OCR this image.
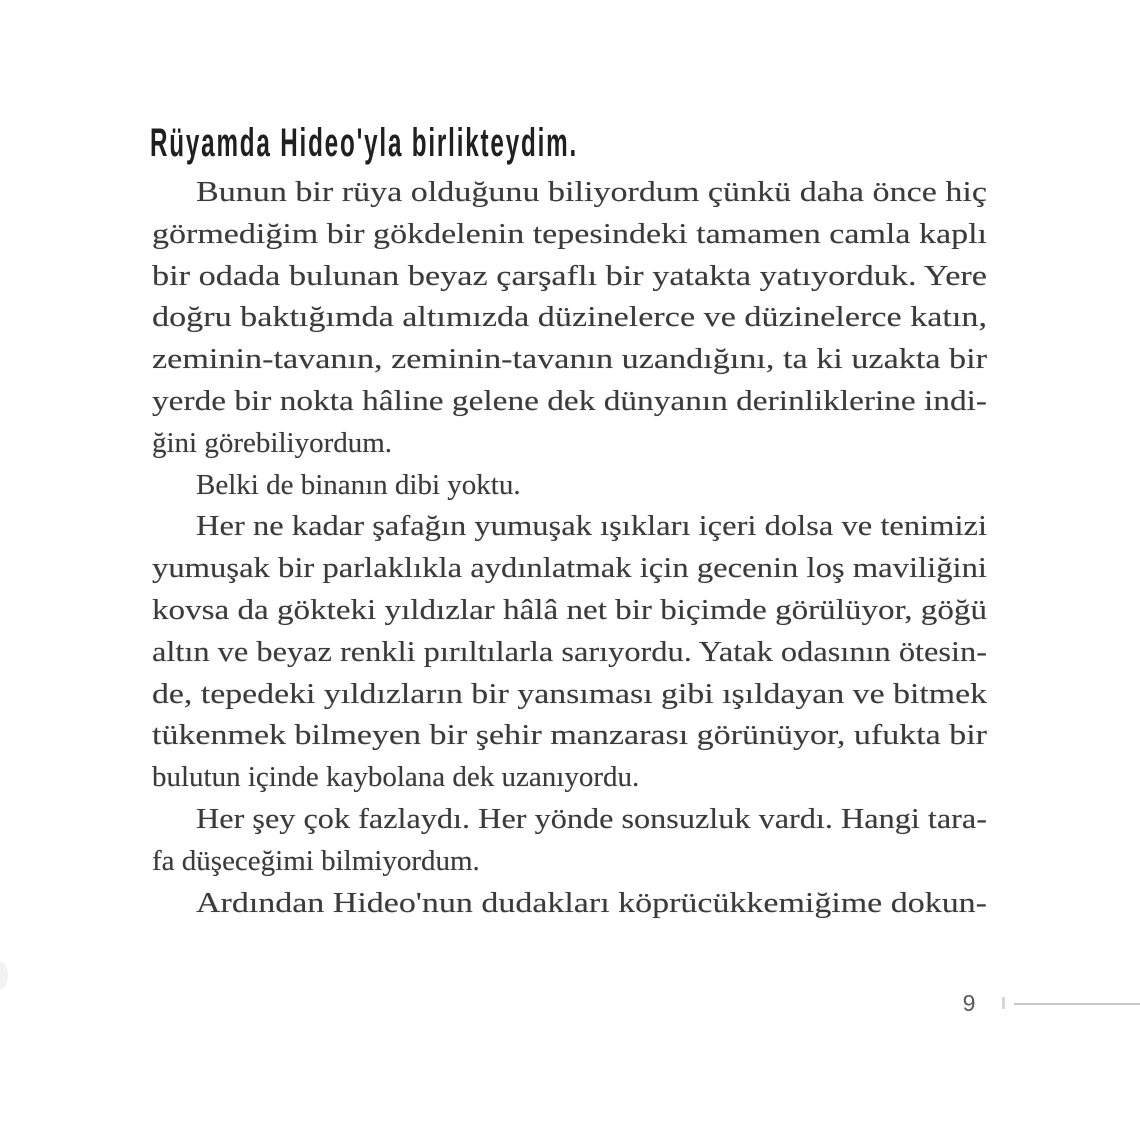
Rüyamda Hideo'yla birlikteydim.
Bunun bir rüya olduğunu biliyordum çünkü daha önce hiç
görmediğim bir gökdelenin tepesindeki tamamen camla kaplı
bir odada bulunan beyaz çarşaflı bir yatakta yatıyorduk. Yere
doğru baktığımda altımızda düzinelerce ve düzinelerce katın,
zeminin-tavanın, zeminin-tavanın uzandığını, ta ki uzakta bir
yerde bir nokta hâline gelene dek dünyanın derinliklerine indi-
ğini görebiliyordum.
Belki de binanın dibi yoktu.
Her ne kadar şafağın yumuşak ışıkları içeri dolsa ve tenimizi
yumuşak bir parlaklıkla aydınlatmak için gecenin loş maviliğini
kovsa da gökteki yıldızlar hâlâ net bir biçimde görülüyor, göğü
altın ve beyaz renkli pırıltılarla sarıyordu. Yatak odasının ötesin-
de, tepedeki yıldızların bir yansıması gibi ışıldayan ve bitmek
tükenmek bilmeyen bir şehir manzarası görünüyor, ufukta bir
bulutun içinde kaybolana dek uzanıyordu.
Her şey çok fazlaydı. Her yönde sonsuzluk vardı. Hangi tara-
fa düşeceğimi bilmiyordum.
Ardından Hideo'nun dudakları köprücükkemiğime dokun-
9
